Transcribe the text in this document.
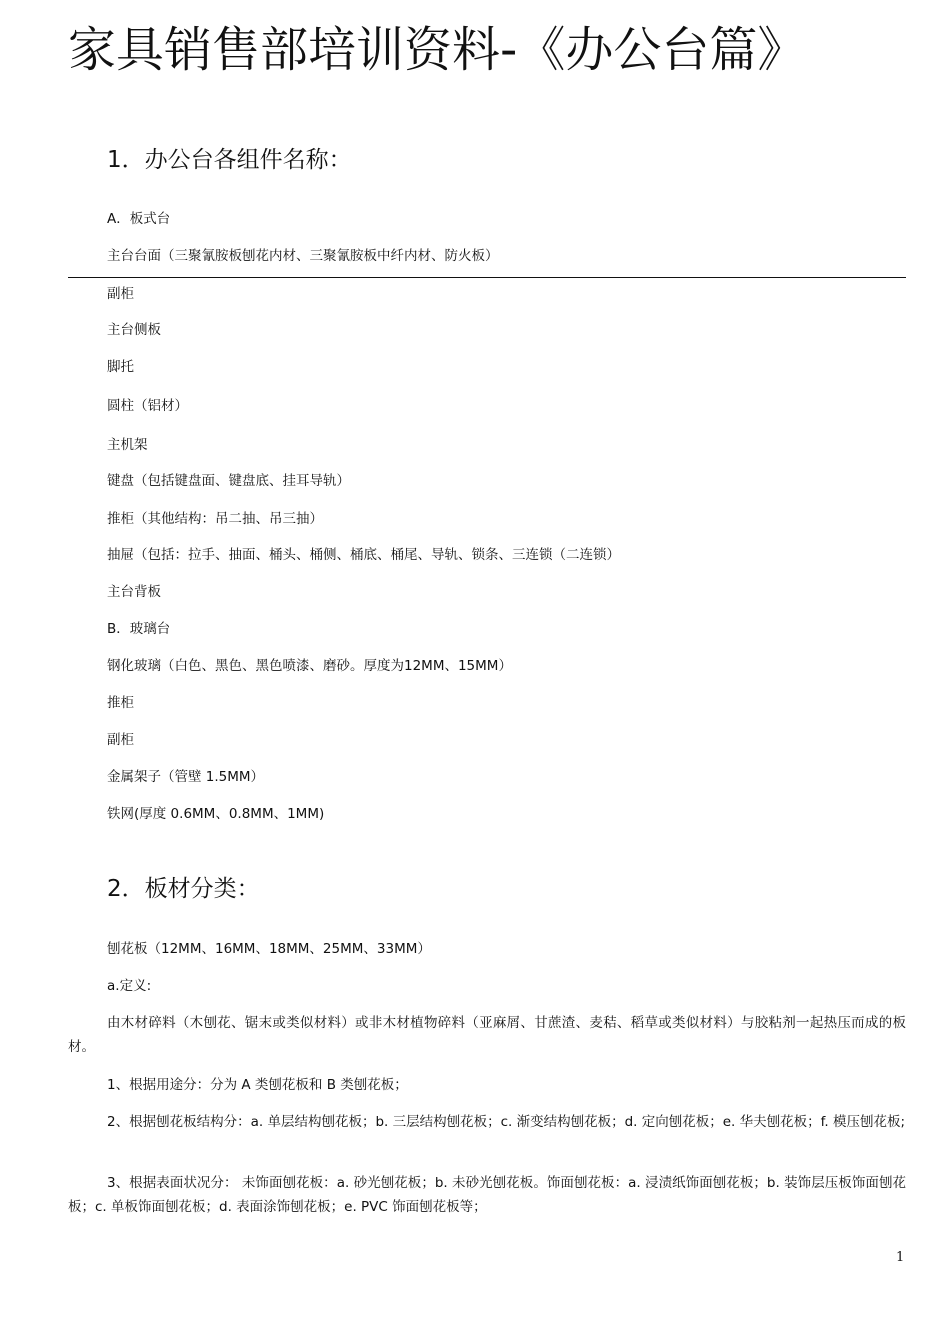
家具销售部培训资料-《办公台篇》
1．办公台各组件名称：
A．板式台
主台台面（三聚氰胺板刨花内材、三聚氰胺板中纤内材、防火板）
副柜
主台侧板
脚托
圆柱（铝材）
主机架
键盘（包括键盘面、键盘底、挂耳导轨）
推柜（其他结构：吊二抽、吊三抽）
抽屉（包括：拉手、抽面、桶头、桶侧、桶底、桶尾、导轨、锁条、三连锁（二连锁）
主台背板
B．玻璃台
钢化玻璃（白色、黑色、黑色喷漆、磨砂。厚度为12MM、15MM）
推柜
副柜
金属架子（管壁 1.5MM）
铁网(厚度 0.6MM、0.8MM、1MM)
2．板材分类：
刨花板（12MM、16MM、18MM、25MM、33MM）
a.定义:
由木材碎料（木刨花、锯末或类似材料）或非木材植物碎料（亚麻屑、甘蔗渣、麦秸、稻草或类似材料）与胶粘剂一起热压而成的板材。
1、根据用途分：分为 A 类刨花板和 B 类刨花板；
2、根据刨花板结构分：a. 单层结构刨花板；b. 三层结构刨花板；c. 渐变结构刨花板；d. 定向刨花板；e. 华夫刨花板；f. 模压刨花板;
3、根据表面状况分： 未饰面刨花板：a. 砂光刨花板；b. 未砂光刨花板。饰面刨花板：a. 浸渍纸饰面刨花板；b. 装饰层压板饰面刨花板；c. 单板饰面刨花板；d. 表面涂饰刨花板；e. PVC 饰面刨花板等；
1
